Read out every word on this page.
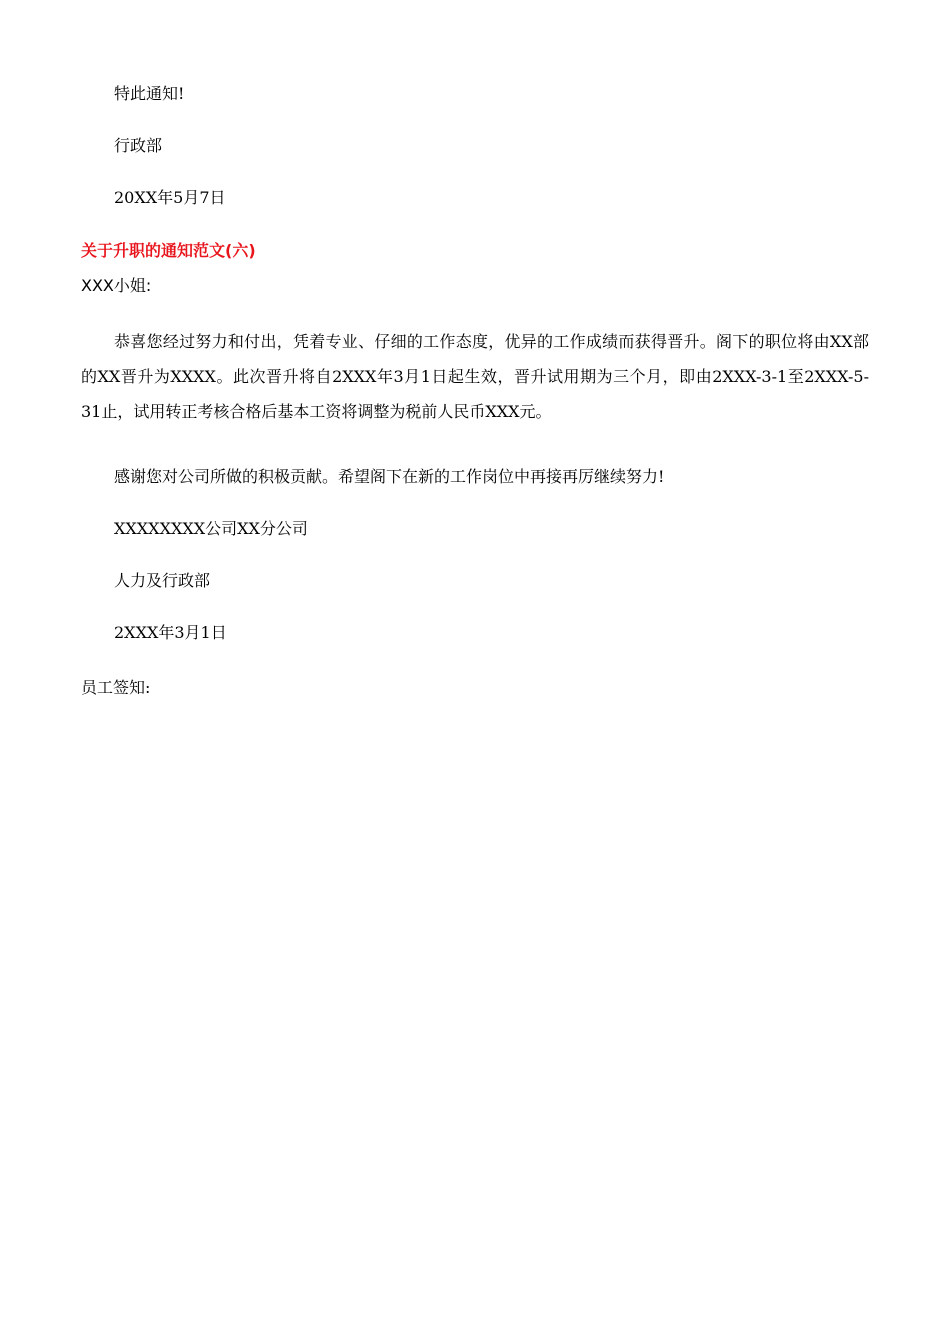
特此通知!
行政部
20XX年5月7日
关于升职的通知范文(六)
XXX小姐:
恭喜您经过努力和付出，凭着专业、仔细的工作态度，优异的工作成绩而获得晋升。阁下的职位将由XX部的XX晋升为XXXX。此次晋升将自2XXX年3月1日起生效，晋升试用期为三个月，即由2XXX-3-1至2XXX-5-31止，试用转正考核合格后基本工资将调整为税前人民币XXX元。
感谢您对公司所做的积极贡献。希望阁下在新的工作岗位中再接再厉继续努力!
XXXXXXXX公司XX分公司
人力及行政部
2XXX年3月1日
员工签知:
